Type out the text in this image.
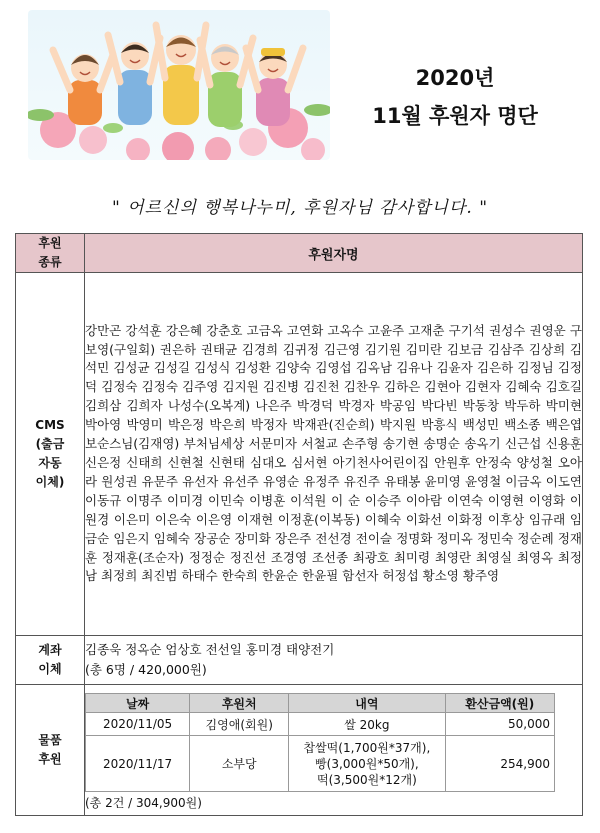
2020년
11월 후원자 명단
" 어르신의 행복나누미, 후원자님 감사합니다. "
후원
종류	후원자명
CMS
(출금
자동
이체)	강만곤 강석훈 강은혜 강춘호 고금옥 고연화 고옥수 고윤주 고재춘 구기석 권성수 권영운 구보영(구일회) 권은하 권태균 김경희 김귀정 김근영 김기원 김미란 김보금 김삼주 김상희 김석민 김성균 김성길 김성식 김성환 김양숙 김영섭 김옥남 김유나 김윤자 김은하 김정님 김정덕 김정숙 김정숙 김주영 김지원 김진병 김진천 김찬우 김하은 김현아 김현자 김혜숙 김호길 김희삼 김희자 나성수(오복계) 나은주 박경덕 박경자 박공임 박다빈 박동창 박두하 박미현 박아영 박영미 박은정 박은희 박정자 박재관(진순희) 박지원 박흥식 백성민 백소종 백은엽 보순스님(김재영) 부처님세상 서문미자 서철교 손주형 송기현 송명순 송옥기 신근섭 신용훈 신은정 신태희 신현철 신현태 심대오 심서현 아기천사어린이집 안원후 안정숙 양성철 오아라 원성권 유문주 유선자 유선주 유영순 유정주 유진주 유태봉 윤미영 윤영철 이금옥 이도연 이동규 이명주 이미경 이민숙 이병훈 이석원 이 순 이승주 이아람 이연숙 이영현 이영화 이원경 이은미 이은숙 이은영 이재현 이정훈(이복동) 이혜숙 이화선 이화정 이후상 임규래 임금순 임은지 임혜숙 장공순 장미화 장은주 전선경 전이슬 정명화 정미옥 정민숙 정순례 정재훈 정재훈(조순자) 정정순 정진선 조경영 조선종 최광호 최미령 최영란 최영실 최영옥 최정남 최정희 최진범 하태수 한숙희 한윤순 한윤필 함선자 허정섭 황소영 황주영
계좌
이체	
김종욱 정옥순 엄상호 전선일 홍미경 태양전기
(총 6명 / 420,000원)

물품
후원	
날짜	후원처	내역	환산금액(원)
2020/11/05	김영애(회원)	쌀 20kg	50,000
2020/11/17	소부당	찹쌀떡(1,700원*37개),
빵(3,000원*50개),
떡(3,500원*12개)	254,900
(총 2건 / 304,900원)
